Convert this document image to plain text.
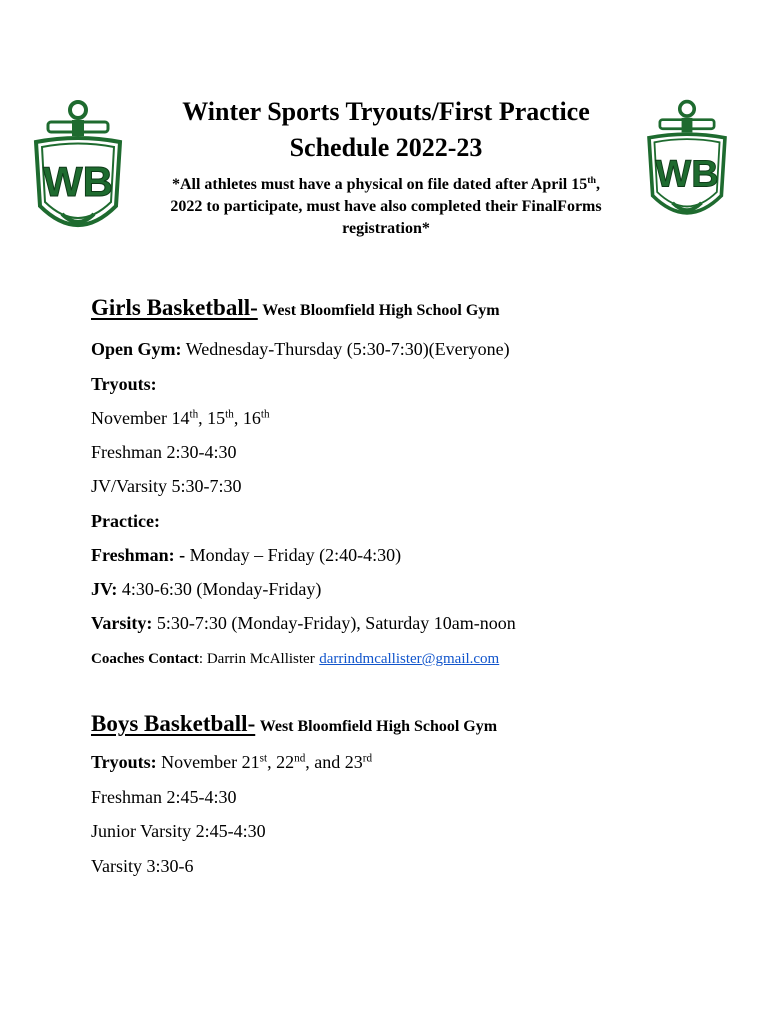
WB	WB
Winter Sports Tryouts/First Practice
Schedule 2022-23
*All athletes must have a physical on file dated after April 15th,
2022 to participate, must have also completed their FinalForms
registration*
Girls Basketball- West Bloomfield High School Gym
Open Gym: Wednesday-Thursday (5:30-7:30)(Everyone)
Tryouts:
November 14th, 15th, 16th
Freshman 2:30-4:30
JV/Varsity 5:30-7:30
Practice:
Freshman: - Monday – Friday (2:40-4:30)
JV: 4:30-6:30 (Monday-Friday)
Varsity: 5:30-7:30 (Monday-Friday), Saturday 10am-noon
Coaches Contact: Darrin McAllister darrindmcallister@gmail.com
Boys Basketball- West Bloomfield High School Gym
Tryouts: November 21st, 22nd, and 23rd
Freshman 2:45-4:30
Junior Varsity 2:45-4:30
Varsity 3:30-6
